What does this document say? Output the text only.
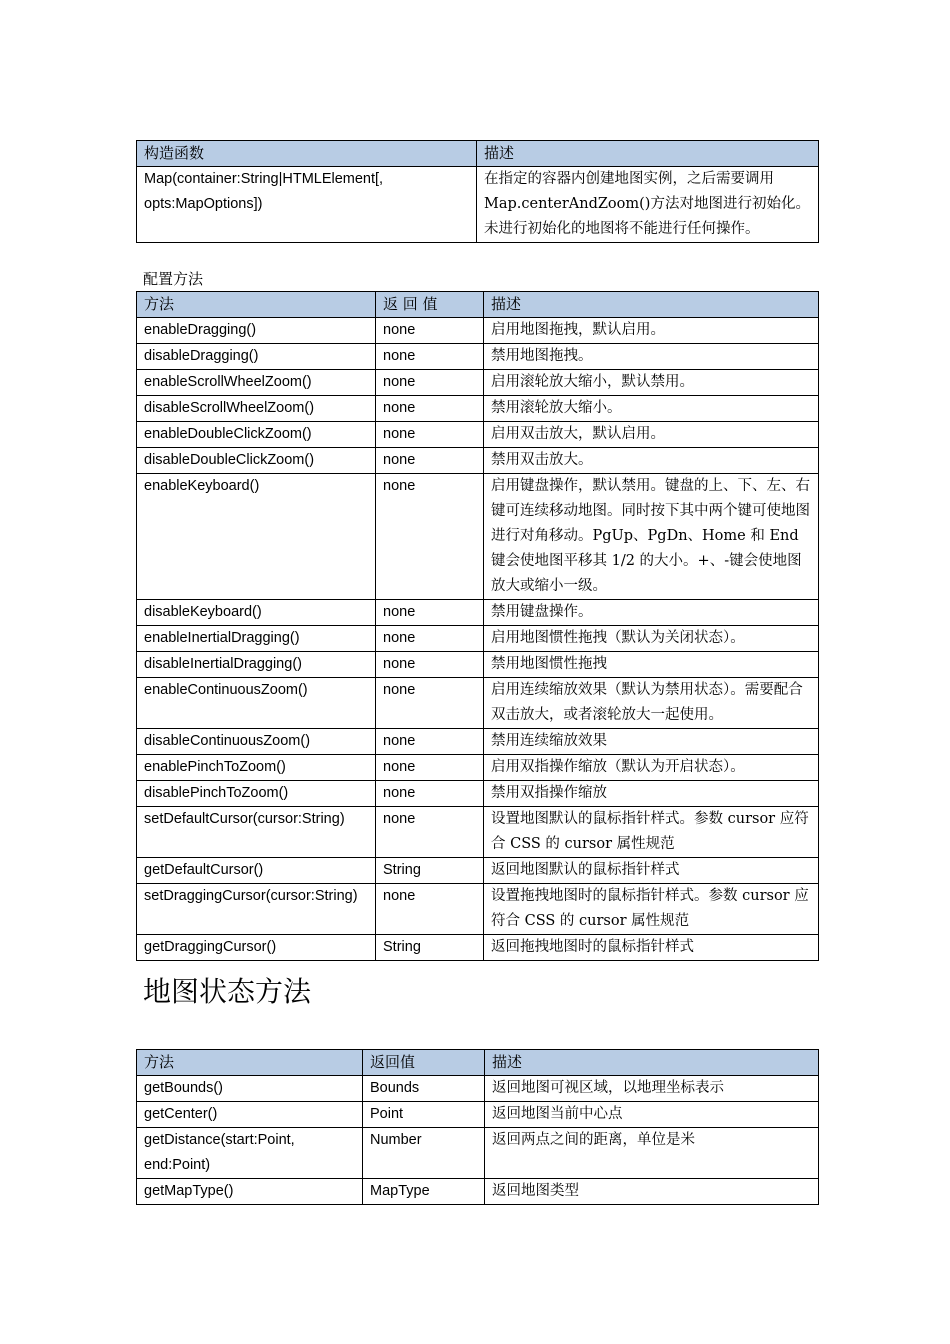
构造函数	描述
Map(container:String|HTMLElement[,
opts:MapOptions])	在指定的容器内创建地图实例，之后需要调用 Map.centerAndZoom()方法对地图进行初始化。未进行初始化的地图将不能进行任何操作。
配置方法
方法	返 回 值	描述
enableDragging()	none	启用地图拖拽，默认启用。
disableDragging()	none	禁用地图拖拽。
enableScrollWheelZoom()	none	启用滚轮放大缩小，默认禁用。
disableScrollWheelZoom()	none	禁用滚轮放大缩小。
enableDoubleClickZoom()	none	启用双击放大，默认启用。
disableDoubleClickZoom()	none	禁用双击放大。
enableKeyboard()	none	启用键盘操作，默认禁用。键盘的上、下、左、右键可连续移动地图。同时按下其中两个键可使地图进行对角移动。PgUp、PgDn、Home 和 End 键会使地图平移其 1/2 的大小。+、-键会使地图放大或缩小一级。
disableKeyboard()	none	禁用键盘操作。
enableInertialDragging()	none	启用地图惯性拖拽（默认为关闭状态）。
disableInertialDragging()	none	禁用地图惯性拖拽
enableContinuousZoom()	none	启用连续缩放效果（默认为禁用状态）。需要配合双击放大，或者滚轮放大一起使用。
disableContinuousZoom()	none	禁用连续缩放效果
enablePinchToZoom()	none	启用双指操作缩放（默认为开启状态）。
disablePinchToZoom()	none	禁用双指操作缩放
setDefaultCursor(cursor:String)	none	设置地图默认的鼠标指针样式。参数 cursor 应符合 CSS 的 cursor 属性规范
getDefaultCursor()	String	返回地图默认的鼠标指针样式
setDraggingCursor(cursor:String)	none	设置拖拽地图时的鼠标指针样式。参数 cursor 应符合 CSS 的 cursor 属性规范
getDraggingCursor()	String	返回拖拽地图时的鼠标指针样式
地图状态方法
方法	返回值	描述
getBounds()	Bounds	返回地图可视区域，以地理坐标表示
getCenter()	Point	返回地图当前中心点
getDistance(start:Point,
end:Point)	Number	返回两点之间的距离，单位是米
getMapType()	MapType	返回地图类型
